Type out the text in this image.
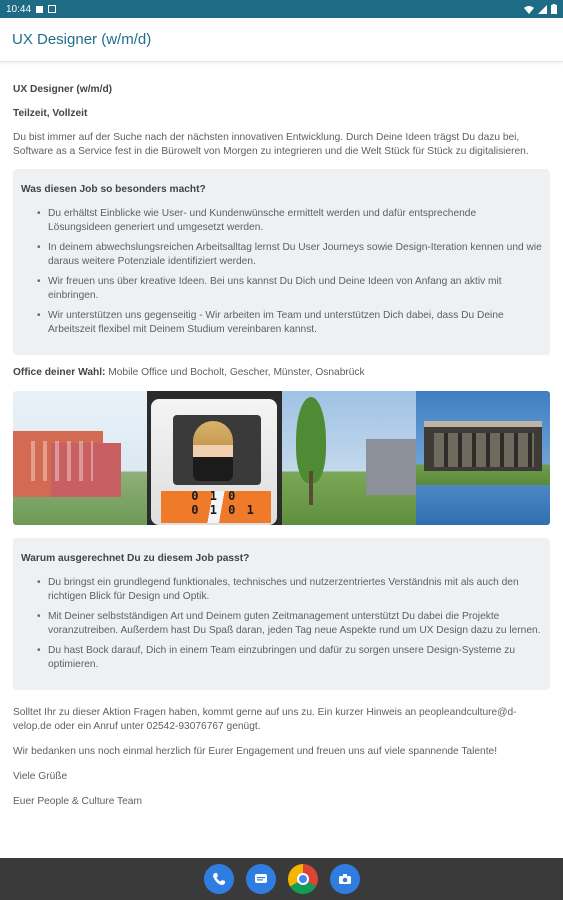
10:44
UX Designer (w/m/d)
UX Designer (w/m/d)
Teilzeit, Vollzeit
Du bist immer auf der Suche nach der nächsten innovativen Entwicklung. Durch Deine Ideen trägst Du dazu bei, Software as a Service fest in die Bürowelt von Morgen zu integrieren und die Welt Stück für Stück zu digitalisieren.
Was diesen Job so besonders macht?
• Du erhältst Einblicke wie User- und Kundenwünsche ermittelt werden und dafür entsprechende Lösungsideen generiert und umgesetzt werden.
• In deinem abwechslungsreichen Arbeitsalltag lernst Du User Journeys sowie Design-Iteration kennen und wie daraus weitere Potenziale identifiziert werden.
• Wir freuen uns über kreative Ideen. Bei uns kannst Du Dich und Deine Ideen von Anfang an aktiv mit einbringen.
• Wir unterstützen uns gegenseitig - Wir arbeiten im Team und unterstützen Dich dabei, dass Du Deine Arbeitszeit flexibel mit Deinem Studium vereinbaren kannst.
Office deiner Wahl: Mobile Office und Bocholt, Gescher, Münster, Osnabrück
0 1 0
0 1 0 1
Warum ausgerechnet Du zu diesem Job passt?
• Du bringst ein grundlegend funktionales, technisches und nutzerzentriertes Verständnis mit als auch den richtigen Blick für Design und Optik.
• Mit Deiner selbstständigen Art und Deinem guten Zeitmanagement unterstützt Du dabei die Projekte voranzutreiben. Außerdem hast Du Spaß daran, jeden Tag neue Aspekte rund um UX Design dazu zu lernen.
• Du hast Bock darauf, Dich in einem Team einzubringen und dafür zu sorgen unsere Design-Systeme zu optimieren.
Solltet Ihr zu dieser Aktion Fragen haben, kommt gerne auf uns zu. Ein kurzer Hinweis an peopleandculture@d-velop.de oder ein Anruf unter 02542-93076767 genügt.
Wir bedanken uns noch einmal herzlich für Eurer Engagement und freuen uns auf viele spannende Talente!
Viele Grüße
Euer People & Culture Team
